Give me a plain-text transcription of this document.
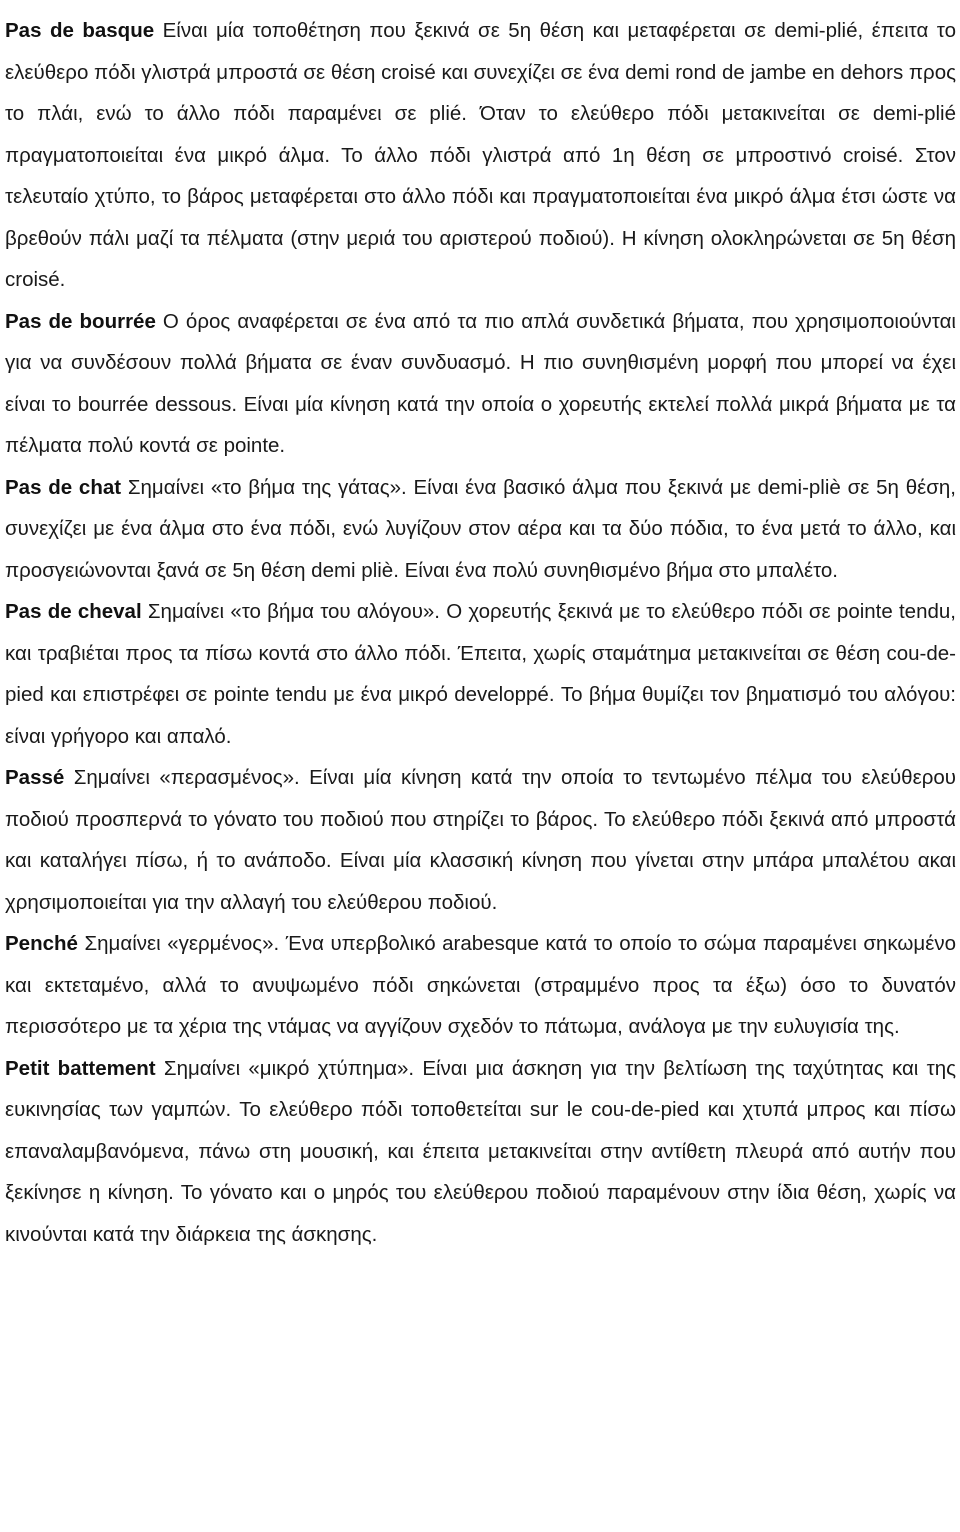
Pas de basque Είναι μία τοποθέτηση που ξεκινά σε 5η θέση και μεταφέρεται σε demi-plié, έπειτα το ελεύθερο πόδι γλιστρά μπροστά σε θέση croisé και συνεχίζει σε ένα demi rond de jambe en dehors προς το πλάι, ενώ το άλλο πόδι παραμένει σε plié. Όταν το ελεύθερο πόδι μετακινείται σε demi-plié πραγματοποιείται ένα μικρό άλμα. Το άλλο πόδι γλιστρά από 1η θέση σε μπροστινό croisé. Στον τελευταίο χτύπο, το βάρος μεταφέρεται στο άλλο πόδι και πραγματοποιείται ένα μικρό άλμα έτσι ώστε να βρεθούν πάλι μαζί τα πέλματα (στην μεριά του αριστερού ποδιού). Η κίνηση ολοκληρώνεται σε 5η θέση croisé.

Pas de bourrée Ο όρος αναφέρεται σε ένα από τα πιο απλά συνδετικά βήματα, που χρησιμοποιούνται για να συνδέσουν πολλά βήματα σε έναν συνδυασμό. Η πιο συνηθισμένη μορφή που μπορεί να έχει είναι το bourrée dessous. Είναι μία κίνηση κατά την οποία ο χορευτής εκτελεί πολλά μικρά βήματα με τα πέλματα πολύ κοντά σε pointe.

Pas de chat Σημαίνει «το βήμα της γάτας». Είναι ένα βασικό άλμα που ξεκινά με demi-pliè σε 5η θέση, συνεχίζει με ένα άλμα στο ένα πόδι, ενώ λυγίζουν στον αέρα και τα δύο πόδια, το ένα μετά το άλλο, και προσγειώνονται ξανά σε 5η θέση demi pliè. Είναι ένα πολύ συνηθισμένο βήμα στο μπαλέτο.

Pas de cheval Σημαίνει «το βήμα του αλόγου». Ο χορευτής ξεκινά με το ελεύθερο πόδι σε pointe tendu, και τραβιέται προς τα πίσω κοντά στο άλλο πόδι. Έπειτα, χωρίς σταμάτημα μετακινείται σε θέση cou-de-pied και επιστρέφει σε pointe tendu με ένα μικρό developpé. Το βήμα θυμίζει τον βηματισμό του αλόγου: είναι γρήγορο και απαλό.

Passé Σημαίνει «περασμένος». Είναι μία κίνηση κατά την οποία το τεντωμένο πέλμα του ελεύθερου ποδιού προσπερνά το γόνατο του ποδιού που στηρίζει το βάρος. Το ελεύθερο πόδι ξεκινά από μπροστά και καταλήγει πίσω, ή το ανάποδο. Είναι μία κλασσική κίνηση που γίνεται στην μπάρα μπαλέτου ακαι χρησιμοποιείται για την αλλαγή του ελεύθερου ποδιού.

Penché Σημαίνει «γερμένος». Ένα υπερβολικό arabesque κατά το οποίο το σώμα παραμένει σηκωμένο και εκτεταμένο, αλλά το ανυψωμένο πόδι σηκώνεται (στραμμένο προς τα έξω) όσο το δυνατόν περισσότερο με τα χέρια της ντάμας να αγγίζουν σχεδόν το πάτωμα, ανάλογα με την ευλυγισία της.

Petit battement Σημαίνει «μικρό χτύπημα». Είναι μια άσκηση για την βελτίωση της ταχύτητας και της ευκινησίας των γαμπών. Το ελεύθερο πόδι τοποθετείται sur le cou-de-pied και χτυπά μπρος και πίσω επαναλαμβανόμενα, πάνω στη μουσική, και έπειτα μετακινείται στην αντίθετη πλευρά από αυτήν που ξεκίνησε η κίνηση. Το γόνατο και ο μηρός του ελεύθερου ποδιού παραμένουν στην ίδια θέση, χωρίς να κινούνται κατά την διάρκεια της άσκησης.
